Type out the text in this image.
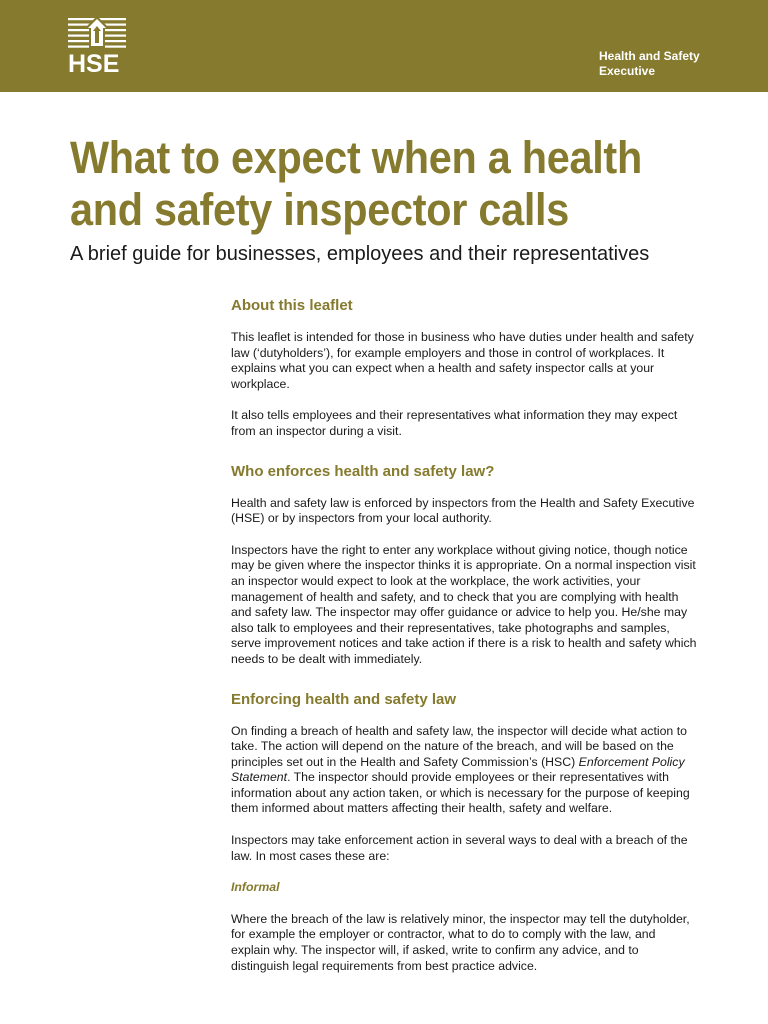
HSE	Health and Safety
Executive
What to expect when a health
and safety inspector calls

A brief guide for businesses, employees and their representatives

About this leaflet

This leaflet is intended for those in business who have duties under health and safety law (‘dutyholders’), for example employers and those in control of workplaces. It explains what you can expect when a health and safety inspector calls at your workplace.

It also tells employees and their representatives what information they may expect from an inspector during a visit.

Who enforces health and safety law?

Health and safety law is enforced by inspectors from the Health and Safety Executive (HSE) or by inspectors from your local authority.

Inspectors have the right to enter any workplace without giving notice, though notice may be given where the inspector thinks it is appropriate. On a normal inspection visit an inspector would expect to look at the workplace, the work activities, your management of health and safety, and to check that you are complying with health and safety law. The inspector may offer guidance or advice to help you. He/she may also talk to employees and their representatives, take photographs and samples, serve improvement notices and take action if there is a risk to health and safety which needs to be dealt with immediately.

Enforcing health and safety law

On finding a breach of health and safety law, the inspector will decide what action to take. The action will depend on the nature of the breach, and will be based on the principles set out in the Health and Safety Commission’s (HSC) Enforcement Policy Statement. The inspector should provide employees or their representatives with information about any action taken, or which is necessary for the purpose of keeping them informed about matters affecting their health, safety and welfare.

Inspectors may take enforcement action in several ways to deal with a breach of the law. In most cases these are:

Informal

Where the breach of the law is relatively minor, the inspector may tell the dutyholder, for example the employer or contractor, what to do to comply with the law, and explain why. The inspector will, if asked, write to confirm any advice, and to distinguish legal requirements from best practice advice.
